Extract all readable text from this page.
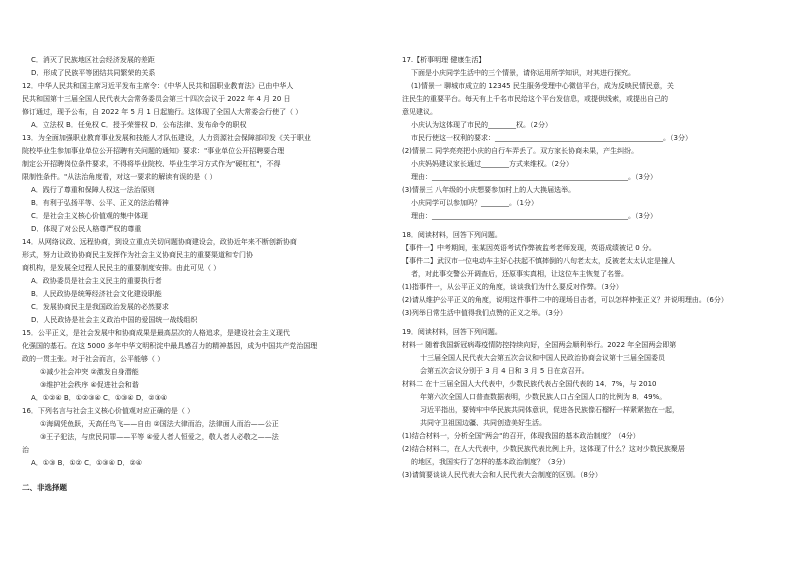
C．消灭了民族地区社会经济发展的差距
D．形成了民族平等团结共同繁荣的关系
12．中华人民共和国主席习近平发布主席令：《中华人民共和国职业教育法》已由中华人
民共和国第十三届全国人民代表大会常务委员会第三十四次会议于 2022 年 4 月 20 日
修订通过，现予公布，自 2022 年 5 月 1 日起施行。这体现了全国人大常委会行使了（ ）
A．立法权 B．任免权 C．授予荣誉权 D．公布法律、发布命令的职权
13．为全面加强职业教育事业发展和技能人才队伍建设，人力资源社会保障部印发《关于职业
院校毕业生参加事业单位公开招聘有关问题的通知》要求："事业单位公开招聘要合理
制定公开招聘岗位条件要求，不得将毕业院校、毕业生学习方式作为"硬杠杠"，不得
限制性条件。"从法治角度看，对这一要求的解读有误的是（ ）
A．践行了尊重和保障人权这一法治原则
B．有利于弘扬平等、公平、正义的法治精神
C．是社会主义核心价值观的集中体现
D．体现了对公民人格尊严权的尊重
14．从网络议政、远程协商，到设立重点关切问题协商建设会，政协近年来不断创新协商
形式，努力让政协协商民主发挥作为社会主义协商民主的重要渠道和专门协
商机构，是发展全过程人民民主的重要制度安排。由此可见（ ）
A．政协委员是社会主义民主的重要执行者
B．人民政协是统筹经济社会文化建设职能
C．发展协商民主是我国政治发展的必然要求
D．人民政协是社会主义政治中国的爱国统一战线组织
15．公平正义，是社会发展中和协商成果是最高层次的人格追求，是建设社会主义现代
化强国的基石。在这 5000 多年中华文明积淀中最具感召力的精神基因，成为中国共产党治国理
政的一贯主张。对于社会而言，公平能够（ ）
①减少社会冲突 ②激发自身潜能
③维护社会秩序 ④促进社会和谐
A．①②④ B．①②③④ C．①③④ D．②③④
16．下列名言与社会主义核心价值观对应正确的是（ ）
①海阔凭鱼跃，天高任鸟飞——自由 ②国法大律而治，法律面人而治——公正
③王子犯法，与庶民同罪——平等 ④爱人者人恒爱之，敬人者人必敬之——法
治
A．①③ B．①② C．①③④ D．②④
二、非选择题
17.【析事明理 健康生活】
下面是小庆同学生活中的三个情景，请你运用所学知识，对其进行探究。
(1)情景一 聊城市成立的 12345 民生服务受理中心微信平台，成为反映民情民意，关
注民生的重要平台。每天有上千名市民给这个平台发信息，或提供线索，或提出自己的
意见建议。
小庆认为这体现了市民的________权。（2分）
市民行使这一权利的要求：________________________________________________。（3分）
(2)情景二 同学亮亮把小庆的自行车弄丢了。双方家长协商未果，产生纠纷。
小庆妈妈建议家长通过________方式来维权。（2分）
理由：________________________________________________________。（3分）
(3)情景三 八年级的小庆想要参加村上的人大换届选举。
小庆同学可以参加吗？________。（1分）
理由：________________________________________________________。（3分）
18．阅读材料，回答下列问题。
【事件一】中考期间，张某因英语考试作弊被监考老师发现，英语成绩被记 0 分。
【事件二】武汉市一位电动车主好心扶起不慎摔倒的八旬老太太，反被老太太认定是撞人
者，对此事交警公开调查后，还原事实真相，让这位车主恢复了名誉。
(1)指事件一，从公平正义的角度，谈谈我们为什么要反对作弊。（3分）
(2)请从维护公平正义的角度，说明这件事件二中的现场目击者，可以怎样伸张正义？并说明理由。（6分）
(3)列举日常生活中值得我们点赞的正义之举。（3分）
19．阅读材料，回答下列问题。
材料一 随着我国新冠病毒疫情防控持续向好，全国两会顺利举行。2022 年全国两会即第
十三届全国人民代表大会第五次会议和中国人民政治协商会议第十三届全国委员
会第五次会议分别于 3 月 4 日和 3 月 5 日在京召开。
材料二 在十三届全国人大代表中，少数民族代表占全国代表的 14．7%，与 2010
年第六次全国人口普查数据表明，少数民族人口占全国人口的比例为 8．49%。
习近平指出，要铸牢中华民族共同体意识，促进各民族像石榴籽一样紧紧抱在一起，
共同守卫祖国边疆、共同创造美好生活。
(1)结合材料一，分析全国"两会"的召开，体现我国的基本政治制度？（4分）
(2)结合材料二，在人大代表中，少数民族代表比例上升，这体现了什么？这对少数民族聚居
的地区，我国实行了怎样的基本政治制度？（3分）
(3)请简要谈谈人民代表大会和人民代表大会制度的区别。（8分）
